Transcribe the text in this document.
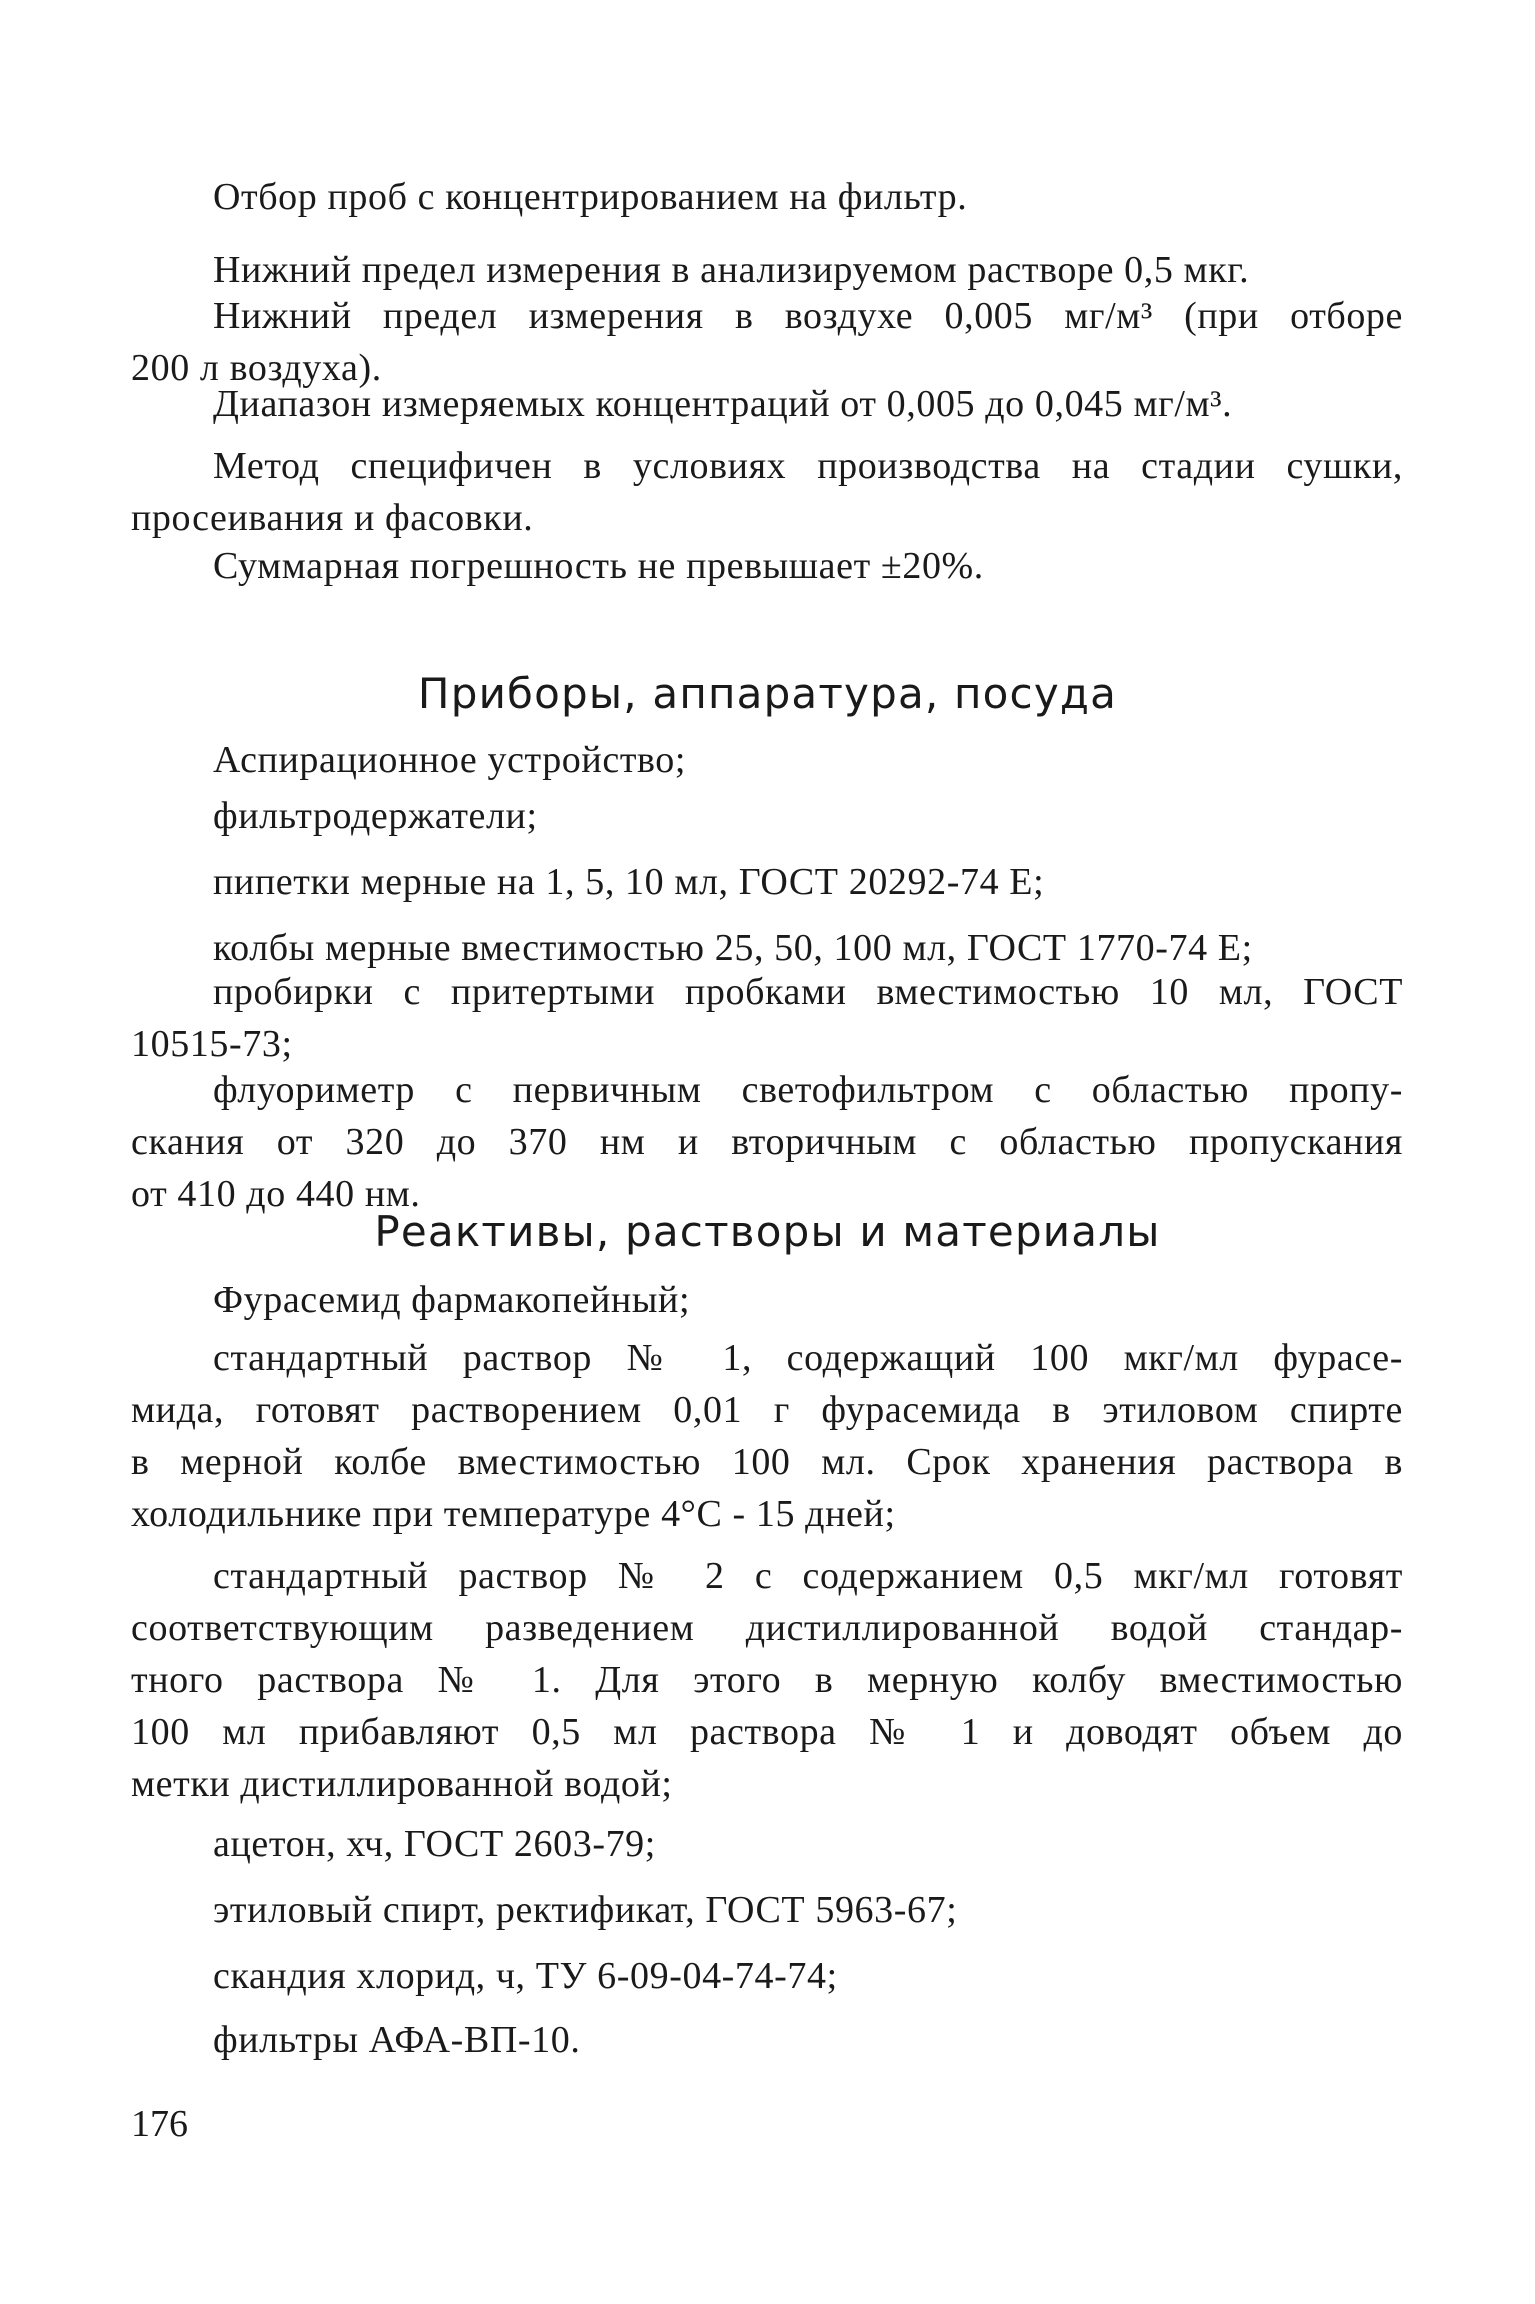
Отбор проб с концентрированием на фильтр.

Нижний предел измерения в анализируемом растворе 0,5 мкг.

Нижний предел измерения в воздухе 0,005 мг/м³ (при отборе
200 л воздуха).

Диапазон измеряемых концентраций от 0,005 до 0,045 мг/м³.

Метод специфичен в условиях производства на стадии сушки,
просеивания и фасовки.

Суммарная погрешность не превышает ±20%.

Приборы, аппаратура, посуда

Аспирационное устройство;

фильтродержатели;

пипетки мерные на 1, 5, 10 мл, ГОСТ 20292-74 Е;

колбы мерные вместимостью 25, 50, 100 мл, ГОСТ 1770-74 Е;

пробирки с притертыми пробками вместимостью 10 мл, ГОСТ
10515-73;

флуориметр с первичным светофильтром с областью пропу-
скания от 320 до 370 нм и вторичным с областью пропускания
от 410 до 440 нм.

Реактивы, растворы и материалы

Фурасемид фармакопейный;

стандартный раствор № 1, содержащий 100 мкг/мл фурасе-
мида, готовят растворением 0,01 г фурасемида в этиловом спирте
в мерной колбе вместимостью 100 мл. Срок хранения раствора в
холодильнике при температуре 4°С - 15 дней;

стандартный раствор № 2 с содержанием 0,5 мкг/мл готовят
соответствующим разведением дистиллированной водой стандар-
тного раствора № 1. Для этого в мерную колбу вместимостью
100 мл прибавляют 0,5 мл раствора № 1 и доводят объем до
метки дистиллированной водой;

ацетон, хч, ГОСТ 2603-79;

этиловый спирт, ректификат, ГОСТ 5963-67;

скандия хлорид, ч, ТУ 6-09-04-74-74;

фильтры АФА-ВП-10.

176
